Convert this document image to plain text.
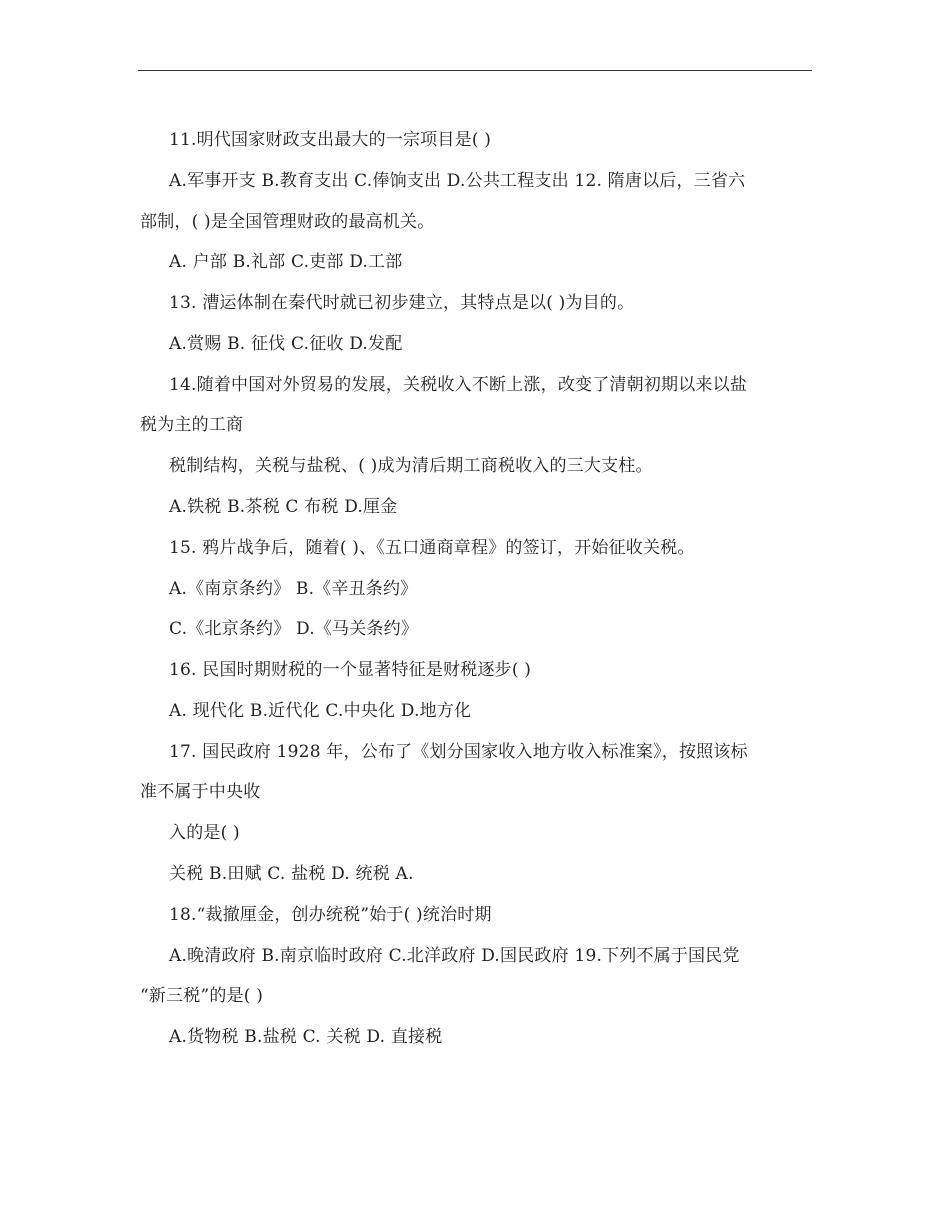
11.明代国家财政支出最大的一宗项目是( )
A.军事开支 B.教育支出 C.俸饷支出 D.公共工程支出 12. 隋唐以后，三省六
部制，( )是全国管理财政的最高机关。
A. 户部 B.礼部 C.吏部 D.工部
13. 漕运体制在秦代时就已初步建立，其特点是以( )为目的。
A.赏赐 B. 征伐 C.征收 D.发配
14.随着中国对外贸易的发展，关税收入不断上涨，改变了清朝初期以来以盐
税为主的工商
税制结构，关税与盐税、( )成为清后期工商税收入的三大支柱。
A.铁税 B.茶税 C 布税 D.厘金
15. 鸦片战争后，随着( )、《五口通商章程》的签订，开始征收关税。
A.《南京条约》 B.《辛丑条约》
C.《北京条约》 D.《马关条约》
16. 民国时期财税的一个显著特征是财税逐步( )
A. 现代化 B.近代化 C.中央化 D.地方化
17. 国民政府 1928 年，公布了《划分国家收入地方收入标准案》，按照该标
准不属于中央收
入的是( )
关税 B.田赋 C. 盐税 D. 统税 A.
18.“裁撤厘金，创办统税”始于( )统治时期
A.晚清政府 B.南京临时政府 C.北洋政府 D.国民政府 19.下列不属于国民党
“新三税”的是( )
A.货物税 B.盐税 C. 关税 D. 直接税
